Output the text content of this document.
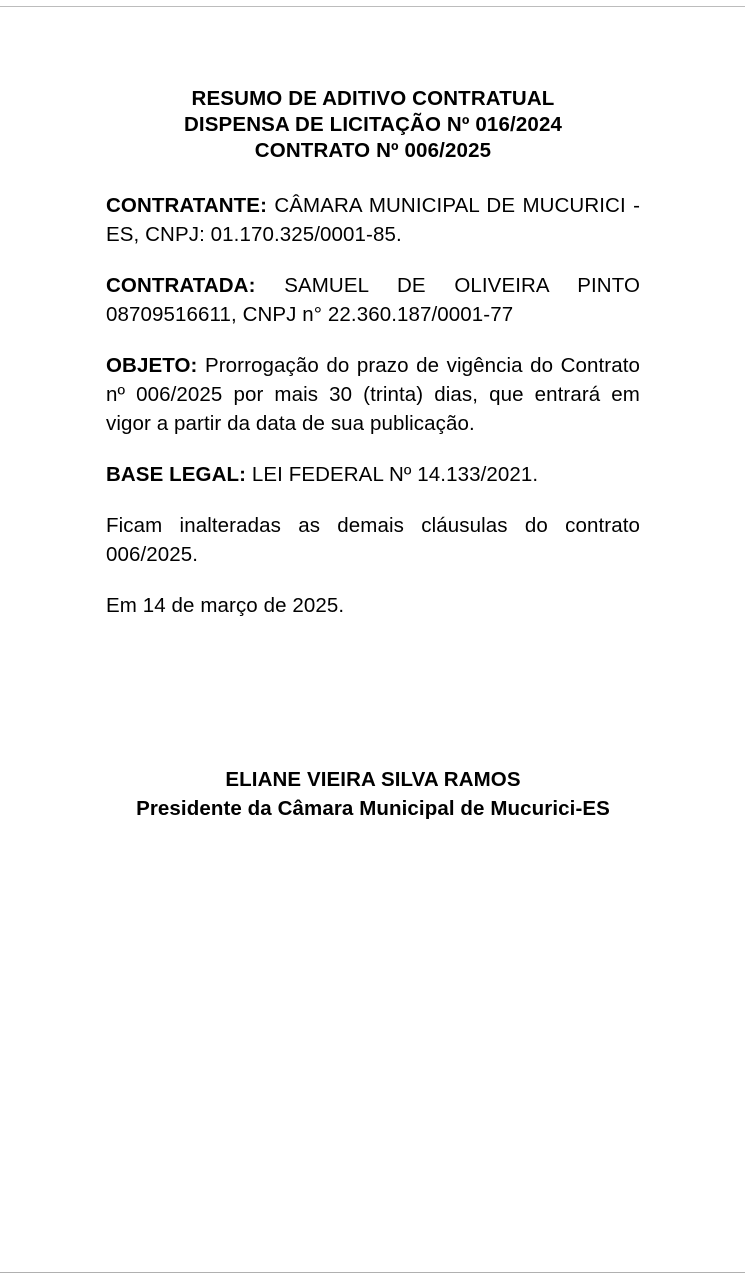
RESUMO DE ADITIVO CONTRATUAL
DISPENSA DE LICITAÇÃO Nº 016/2024
CONTRATO Nº 006/2025

CONTRATANTE: CÂMARA MUNICIPAL DE MUCURICI - ES, CNPJ: 01.170.325/0001-85.

CONTRATADA: SAMUEL DE OLIVEIRA PINTO 08709516611, CNPJ n° 22.360.187/0001-77

OBJETO: Prorrogação do prazo de vigência do Contrato nº 006/2025 por mais 30 (trinta) dias, que entrará em vigor a partir da data de sua publicação.

BASE LEGAL: LEI FEDERAL Nº 14.133/2021.

Ficam inalteradas as demais cláusulas do contrato 006/2025.

Em 14 de março de 2025.

ELIANE VIEIRA SILVA RAMOS
Presidente da Câmara Municipal de Mucurici-ES
